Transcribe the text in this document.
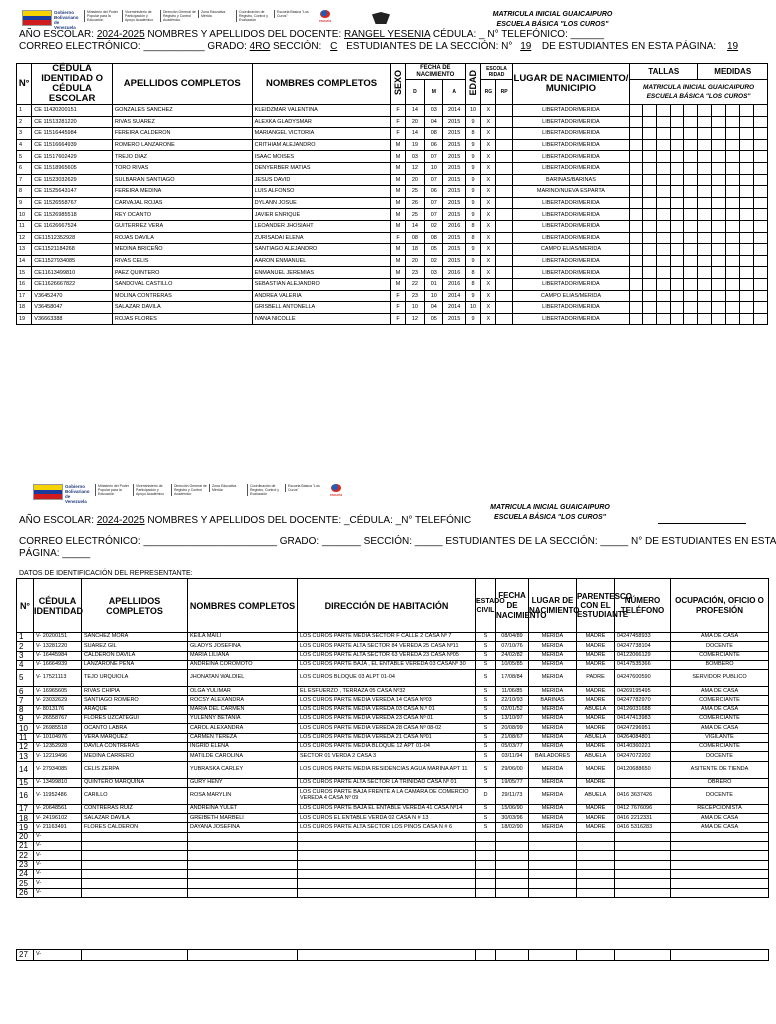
Gobierno Bolivariano de Venezuela
Ministerio del Poder Popular para la Educación
Viceministerio de Participación y Apoyo Académico
Dirección General de Registro y Control Académico
Zona Educativa Mérida
Coordinación de Registro, Control y Evaluación
Escuela Básica "Los Curos"
escuela
MATRICULA INICIAL GUAICAIPURO
ESCUELA BÁSICA "LOS CUROS"
AÑO ESCOLAR: 2024-2025 NOMBRES Y APELLIDOS DEL DOCENTE: RANGEL YESENIA CÉDULA: _ N° TELEFÓNICO: ______
CORREO ELECTRÓNICO: ___________ GRADO: 4RO SECCIÓN: C ESTUDIANTES DE LA SECCIÓN: N° 19 DE ESTUDIANTES EN ESTA PÁGINA: 19
N°	CÉDULA IDENTIDAD O CÉDULA ESCOLAR	APELLIDOS COMPLETOS	NOMBRES COMPLETOS	SEXO	FECHA DE NACIMIENTO			EDAD	ESCOLA RIDAD		LUGAR DE NACIMIENTO/ MUNICIPIO	TALLAS					MEDIDAS				
					D	M	A		RG	RP		MATRICULA INICIAL GUAICAIPURO
ESCUELA BÁSICA "LOS CUROS"									

1	CE 11420200151	GONZALES SANCHEZ	KLEIDZMAR VALENTINA	F	14	03	2014	10	X		LIBERTADOR/MERIDA										
2	CE 11513281220	RIVAS SUAREZ	ALEXKA GLADYSMAR	F	20	04	2015	9	X		LIBERTADOR/MERIDA										
3	CE 11516445984	FEREIRA CALDERON	MARIANGEL VICTORIA	F	14	08	2015	8	X		LIBERTADOR/MERIDA										
4	CE 11516664939	ROMERO LANZARONE	CRITHIAM ALEJANDRO	M	19	06	2015	9	X		LIBERTADOR/MERIDA										
5	CE 11517602429	TREJO DIAZ	ISAAC MOISES	M	03	07	2015	9	X		LIBERTADOR/MERIDA										
6	CE 11518965605	TORO RIVAS	DENYERBER MATIAS	M	12	10	2015	9	X		LIBERTADOR/MERIDA										
7	CE 11523032629	SULBARAN SANTIAGO	JESUS DAVID	M	20	07	2015	9	X		BARINAS/BARINAS										
8	CE 11525643147	FEREIRA MEDINA	LUIS ALFONSO	M	25	06	2015	9	X		MARINO/NUEVA ESPARTA										
9	CE 11526558767	CARVAJAL ROJAS	DYLANN JOSUE	M	26	07	2015	9	X		LIBERTADOR/MERIDA										
10	CE 11526985518	REY OCANTO	JAVIER ENRIQUE	M	25	07	2015	9	X		LIBERTADOR/MERIDA										
11	CE 11626667524	GUITERREZ VERA	LEOANDER JHOSIAHT	M	14	02	2016	8	X		LIBERTADOR/MERIDA										
12	CE11512352928	ROJAS DAVILA	ZURISADAI ELENA	F	08	08	2015	8	X		LIBERTADOR/MERIDA										
13	CE11521184268	MEDINA BRICEÑO	SANTIAGO ALEJANDRO	M	18	05	2015	9	X		CAMPO ELIAS/MERIDA										
14	CE11527934085	RIVAS CELIS	AARON ENMANUEL	M	20	02	2015	9	X		LIBERTADOR/MERIDA										
15	CE11613499810	PAEZ QUINTERO	ENMANUEL JEREMIAS	M	23	03	2016	8	X		LIBERTADOR/MERIDA										
16	CE11626667822	SANDOVAL CASTILLO	SEBASTIAN ALEJANDRO	M	22	01	2016	8	X		LIBERTADOR/MERIDA										
17	V36452470	MOLINA CONTRERAS	ANDREA VALERIA	F	23	10	2014	9	X		CAMPO ELIAS/MERIDA										
18	V36458047	SALAZAR DAVILA	GRISBELL ANTONELLA	F	10	04	2014	10	X		LIBERTADOR/MERIDA										
19	V36663388	ROJAS FLORES	IVANA NICOLLE	F	12	05	2015	9	X		LIBERTADOR/MERIDA										
Gobierno Bolivariano de Venezuela
Ministerio del Poder Popular para la Educación
Viceministerio de Participación y Apoyo Académico
Dirección General de Registro y Control Académico
Zona Educativa Mérida
Coordinación de Registro, Control y Evaluación
Escuela Básica "Los Curos"
escuela
MATRICULA INICIAL GUAICAIPURO
ESCUELA BÁSICA "LOS CUROS"
AÑO ESCOLAR: 2024-2025 NOMBRES Y APELLIDOS DEL DOCENTE: _CÉDULA: _N° TELEFÓNIC
CORREO ELECTRÓNICO: ________________________ GRADO: _______ SECCIÓN: _____ ESTUDIANTES DE LA SECCIÓN: _____ N° DE ESTUDIANTES EN ESTA
PÁGINA: _____
DATOS DE IDENTIFICACIÓN DEL REPRESENTANTE:
N°	CÉDULA IDENTIDAD	APELLIDOS COMPLETOS	NOMBRES COMPLETOS	DIRECCIÓN DE HABITACIÓN	ESTADO CIVIL	FECHA DE NACIMIENTO	LUGAR DE NACIMIENTO	PARENTESCO CON EL ESTUDIANTE	NÚMERO TELÉFONO	OCUPACIÓN, OFICIO O PROFESIÓN
1	V- 20200151	SANCHEZ MORA	KEILA MAILI	LOS CUROS PARTE MEDIA SECTOR F CALLE 2 CASA Nº 7	S	08/04/89	MERIDA	MADRE	04247458933	AMA DE CASA
2	V- 13281220	SUAREZ GIL	GLADYS JOSEFINA	LOS CUROS PARTE ALTA SECTOR 84 VEREDA 25 CASA Nº11	S	07/10/76	MERIDA	MADRE	04247738104	DOCENTE
3	V- 16445984	CALDERON DAVILA	MARIA LILIANA	LOS CUROS PARTE ALTA SECTOR 63 VEREDA 23 CASA Nº05	S	24/02/82	MERIDA	MADRE	04122066129	COMERCIANTE
4	V- 16664939	LANZARONE PEÑA	ANDREINA COROMOTO	LOS CUROS PARTE BAJA , EL ENTABLE VEREDA 03 CASANº 30	S	10/05/85	MERIDA	MADRE	04147535366	BOMBERO
5	V- 17521113	TEJO URQUIOLA	JHONATAN WALDIEL	LOS CUROS BLOQUE 03 ALPT 01-04	S	17/08/84	MERIDA	PADRE	04247600590	SERVIDOR PUBLICO
6	V- 16965605	RIVAS CHIPIA	OLGA YULIMAR	EL ESFUERZO , TERRAZA 05 CASA Nº32	S	11/06/85	MERIDA	MADRE	04269195495	AMA DE CASA
7	V- 23032629	SANTIAGO ROMERO	ROCSY ALEXANDRA	LOS CUROS PARTE MEDIA VEREDA 14 CASA Nº03	S	22/10/93	BARINAS	MADRE	04247782970	COMERCIANTE
8	V- 8013176	ARAQUE	MARIA DEL CARMEN	LOS CUROS PARTE MEDIA VEREDA 03 CASA N.º 01	S	02/01/52	MERIDA	ABUELA	04126031688	AMA DE CASA
9	V- 26558767	FLORES UZCATEGUI	YULENNY BETANIA	LOS CUROS PARTE MEDIA VEREDA 23 CASA Nº 01	S	13/10/97	MERIDA	MADRE	04147413983	COMERCIANTE
10	V- 26985518	OCANTO LABRA	CAROL ALEXANDRA	LOS CUROS PARTE MEDIA VEREDA 28 CASA Nº 08-02	S	20/08/99	MERIDA	MADRE	04247296951	AMA DE CASA
11	V- 10104976	VERA MARQUEZ	CARMEN TEREZA	LOS CUROS PARTE MEDIA VEREDA 21 CASA Nº01	S	21/08/67	MERIDA	ABUELA	04264084801	VIGILANTE
12	V- 12352928	DAVILA CONTRERAS	INGRID ELENA	LOS CUROS PARTE MEDIA BLOQUE 12 APT 01-04	S	05/03/77	MERIDA	MADRE	04140360221	COMERCIANTE
13	V- 12219496	MEDINA CARRERO	MATILDE CAROLINA	SECTOR 01 VERDA 2 CASA 3	S	03/11/94	BAILADORES	ABUELA	04247072202	DOCENTE
14	V- 27934085	CELIS ZERPA	YUBRASKA CARLEY	LOS CUROS PARTE MEDIA RESIDENCIAS AGUA MARINA APT 11	S	29/06/00	MERIDA	MADRE	04120688650	ASITENTE DE TIENDA
15	V- 13499810	QUINTERO MARQUINA	GURY HENY	LOS CUROS PARTE ALTA SECTOR LA TRINIDAD CASA Nº 01	S	19/05/77	MERIDA	MADRE		OBRERO
16	V- 11952486	CARILLO	ROSA MARYLIN	LOS CUROS PARTE BAJA FRENTE A LA CAMARA DE COMERCIO VEREDA 4 CASA Nº 09	D	29/11/73	MERIDA	ABUELA	0416 3637426	DOCENTE
17	V- 20648561	CONTRERAS RUIZ	ANDREINA YULET	LOS CUROS PARTE BAJA EL ENTABLE VEREDA 41 CASA Nº14	S	15/06/90	MERIDA	MADRE	0412 7676096	RECEPCIONISTA
18	V- 24196102	SALAZAR DAVILA	GREIBETH MARBELI	LOS CUROS EL ENTABLE VERDA 02 CASA N # 13	S	30/03/96	MERIDA	MADRE	0416 2212331	AMA DE CASA
19	V- 21163491	FLORES CALDERON	DAYANA JOSEFINA	LOS CUROS PARTE ALTA SECTOR LOS PINOS CASA N # 6	S	18/02/90	MERIDA	MADRE	0416 5316283	AMA DE CASA
20	V-									
21	V-									
22	V-									
23	V-									
24	V-									
25	V-									
26	V-									
27	V-									
